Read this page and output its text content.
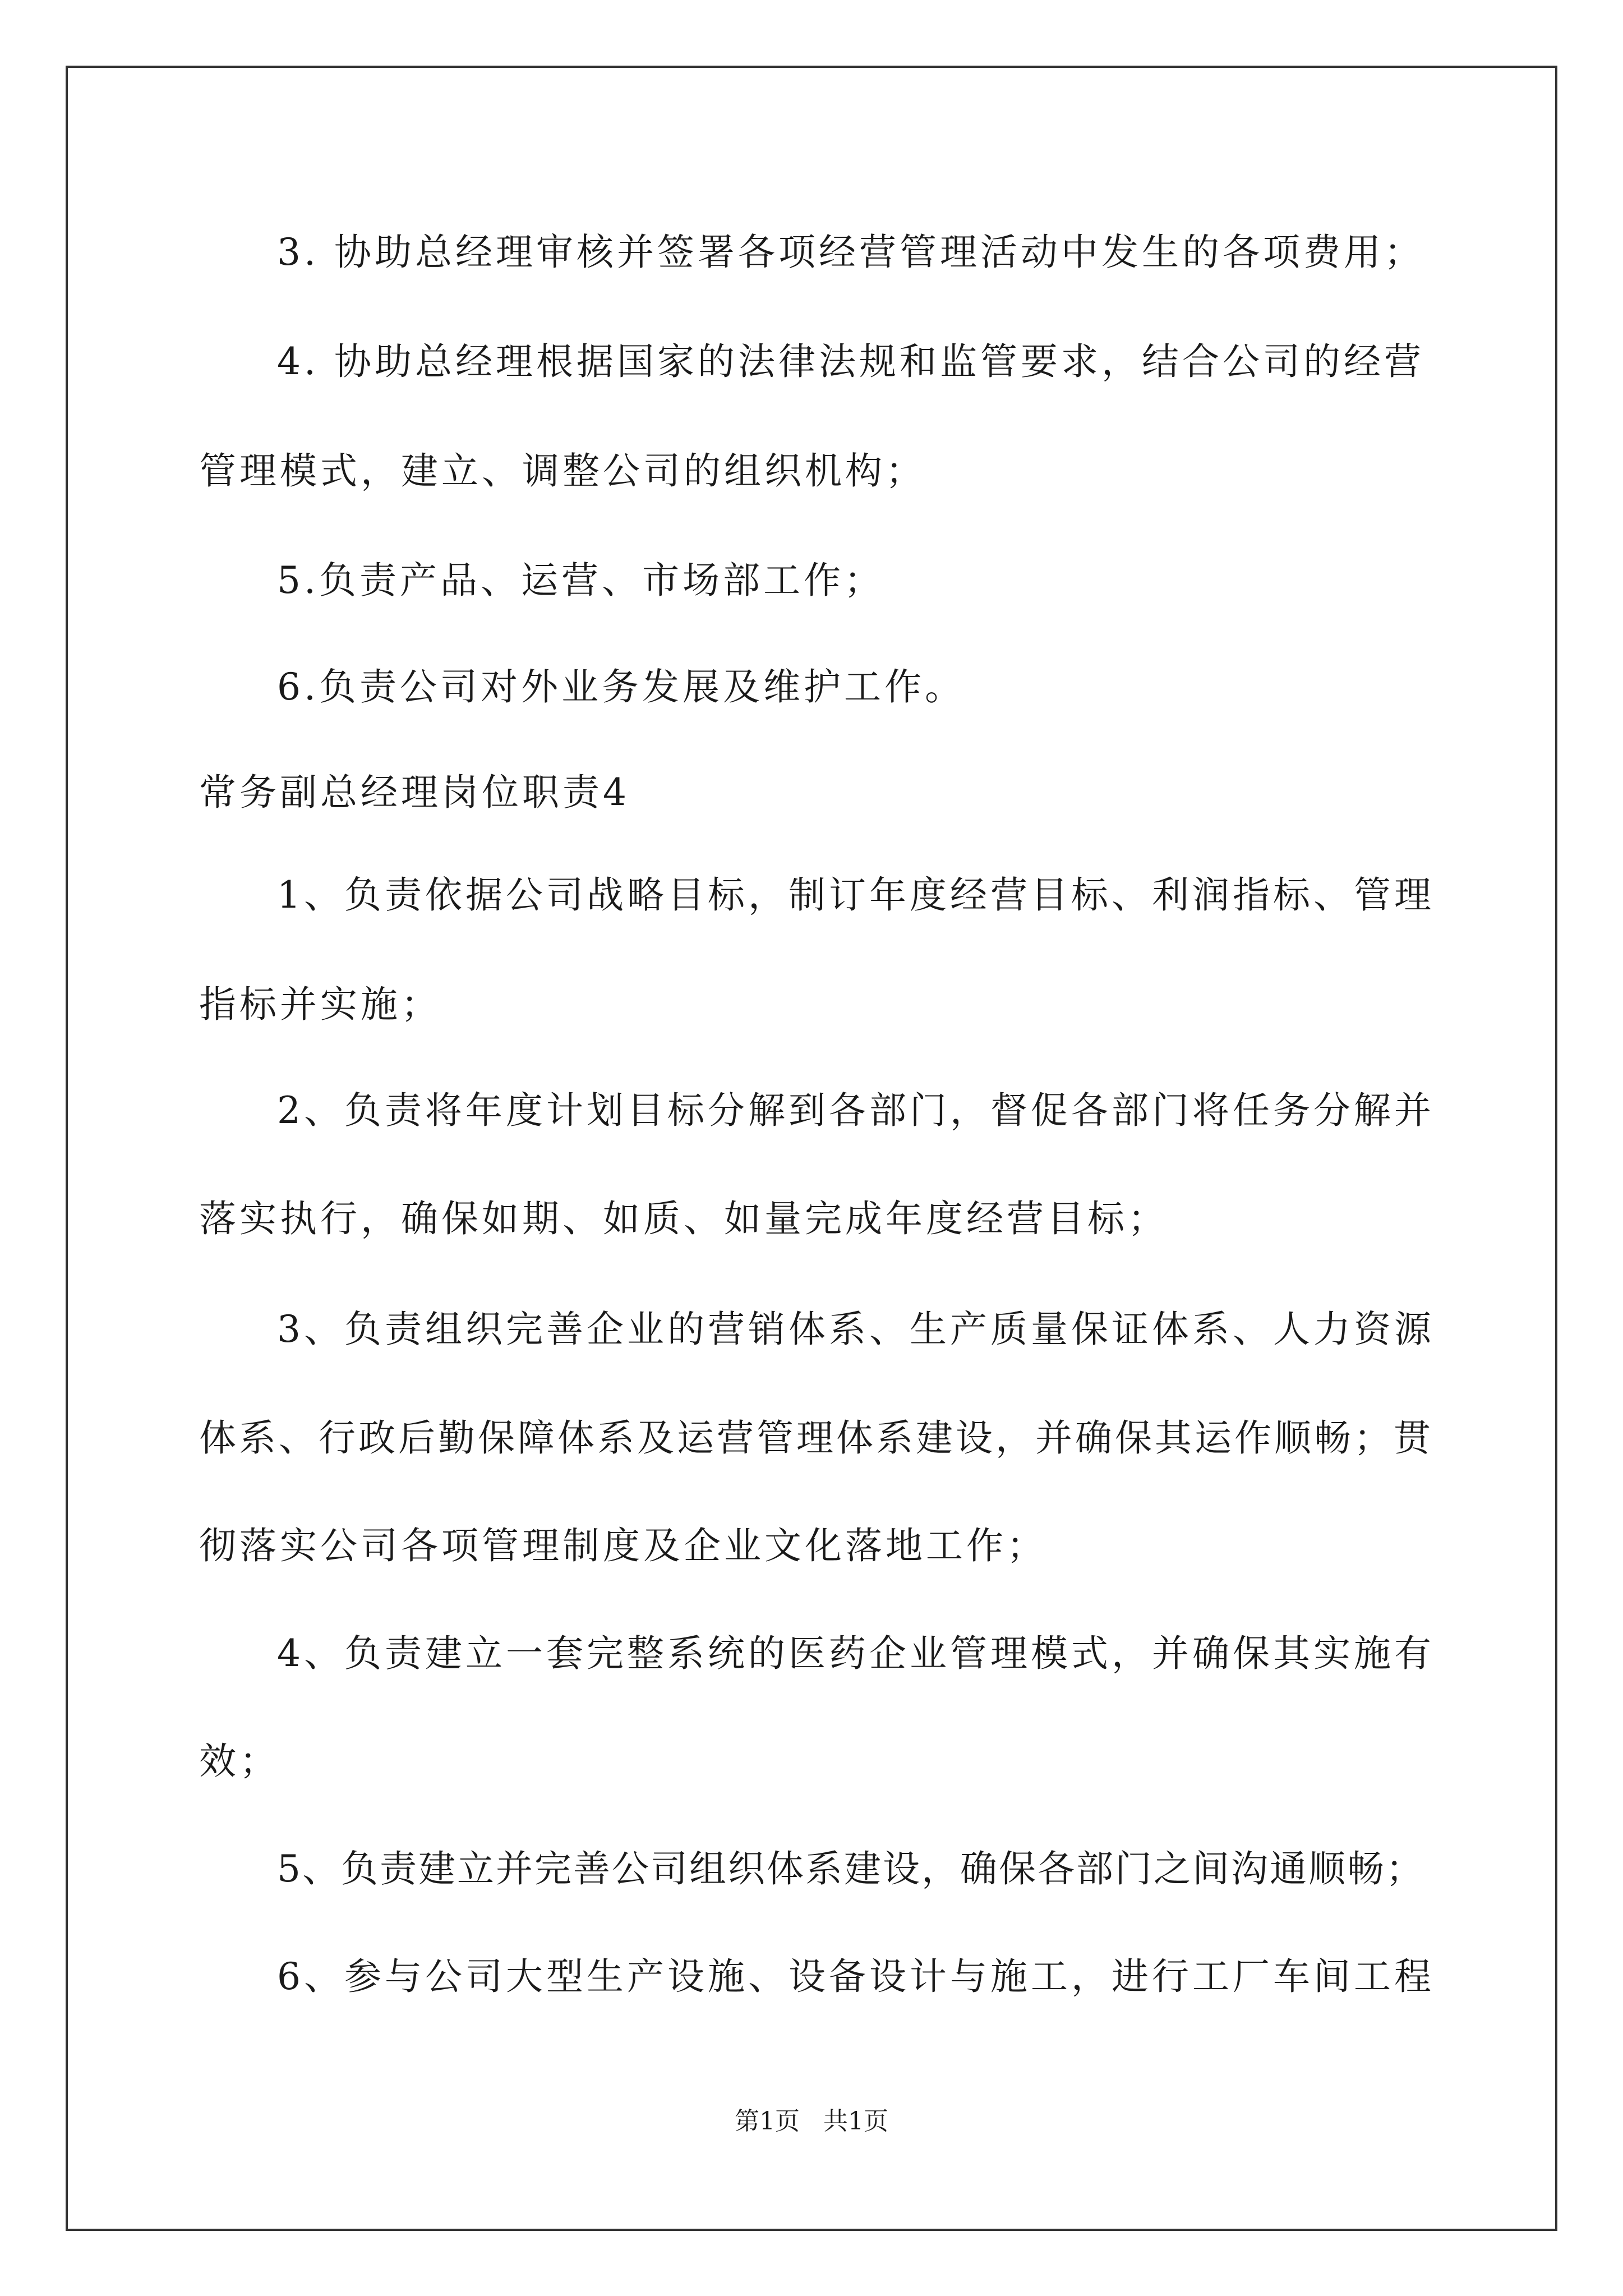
3. 协助总经理审核并签署各项经营管理活动中发生的各项费用；
4. 协助总经理根据国家的法律法规和监管要求，结合公司的经营
管理模式，建立、调整公司的组织机构；
5.负责产品、运营、市场部工作；
6.负责公司对外业务发展及维护工作。
常务副总经理岗位职责4
1、负责依据公司战略目标，制订年度经营目标、利润指标、管理
指标并实施；
2、负责将年度计划目标分解到各部门，督促各部门将任务分解并
落实执行，确保如期、如质、如量完成年度经营目标；
3、负责组织完善企业的营销体系、生产质量保证体系、人力资源
体系、行政后勤保障体系及运营管理体系建设，并确保其运作顺畅；贯
彻落实公司各项管理制度及企业文化落地工作；
4、负责建立一套完整系统的医药企业管理模式，并确保其实施有
效；
5、负责建立并完善公司组织体系建设，确保各部门之间沟通顺畅；
6、参与公司大型生产设施、设备设计与施工，进行工厂车间工程
第1页   共1页
